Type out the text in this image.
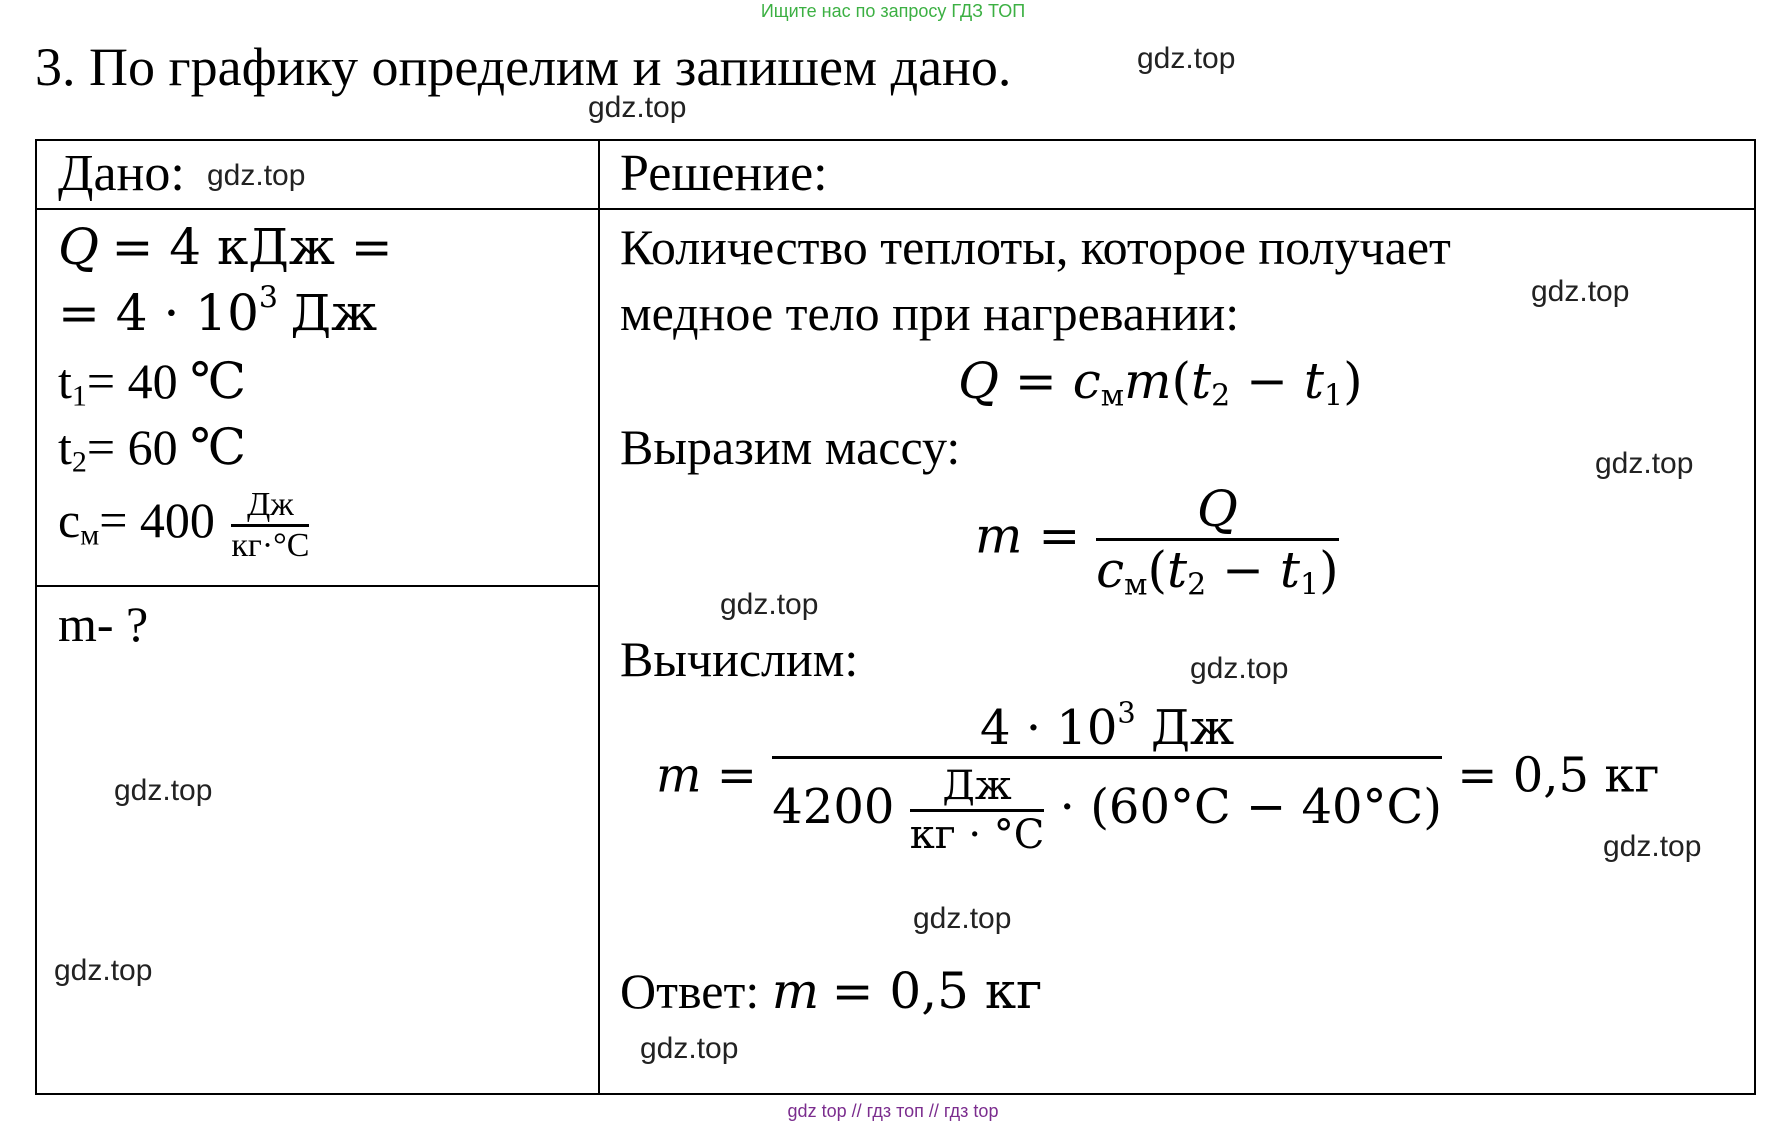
Ищите нас по запросу ГДЗ ТОП
gdz top // гдз топ // гдз top
3. По графику определим и запишем дано.
Дано:	Решение:
Q = 4 кДж =
= $4 \cdot 10^3$ Дж
$t_1= 40$ ℃
$t_2= 60$ ℃
$c_м= 400 \frac{Дж}{кг\cdot^\circ С}$
m- ?
Количество теплоты, которое получает
медное тело при нагревании:
$Q = c_мm(t_2 - t_1)$
Выразим массу:
$m = \frac{Q}{c_м(t_2 - t_1)}$
Вычислим:
m =
$4 \cdot 10^3$ Дж
$4200 \frac{Дж}{кг \cdot ^\circ С} \cdot (60^\circ С - 40^\circ С)$
= 0,5 кг
Ответ: m = 0,5 кг
gdz.top
gdz.top
gdz.top
gdz.top
gdz.top
gdz.top
gdz.top
gdz.top
gdz.top
gdz.top
gdz.top
gdz.top
